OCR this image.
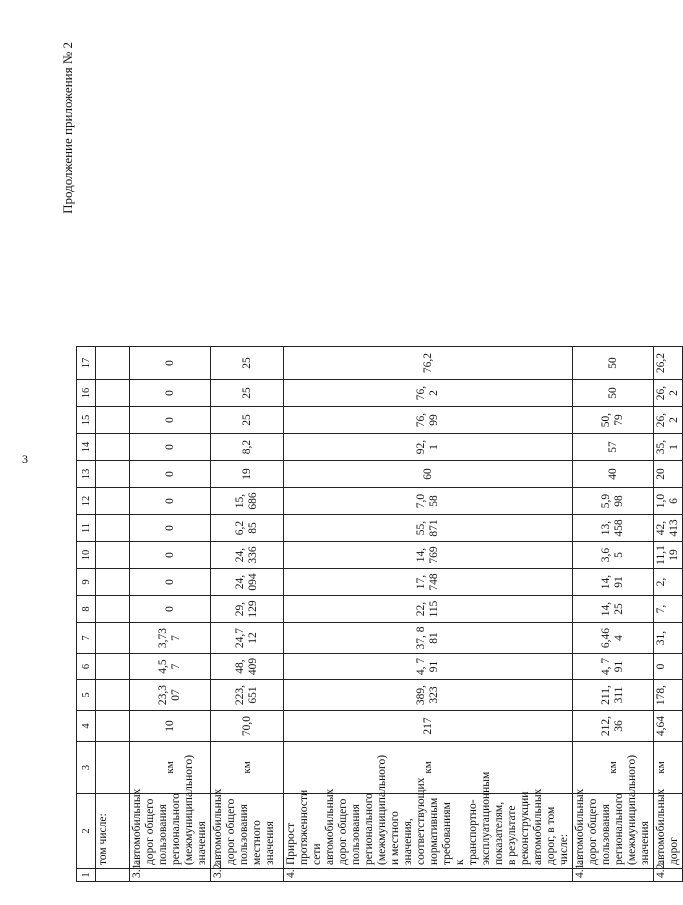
3
Продолжение приложения № 2
1	2	3	4	5	6	7	8	9	10	11	12	13	14	15	16	17
	том числе:															
3.1.	автомобильных дорог общего пользования регионального (межмуниципального) значения	км	10	23,307	4,57	3,737	0	0	0	0	0	0	0	0	0	0
3.2.	автомобильных дорог общего пользования местного значения	км	70,0	223, 651	48, 409	24,712	29, 129	24, 094	24,336	6,285	15,686	19	8,2	25	25	25
4.	Прирост протяженности сети автомобильных дорог общего пользования регионального (межмуниципального) и местного значения, соответствующих нормативным требованиям к транспортно-эксплуатационным показателям, в результате реконструкции автомобильных дорог, в том числе:	км	217	389, 323	4, 791	37, 881	22, 115	17, 748	14,769	55,871	7,058	60	92,1	76,99	76,2	76,2
4.1.	автомобильных дорог общего пользования регионального (межмуниципального) значения	км	212,36	211, 311	4, 791	6,464	14, 25	14, 91	3,65	13,458	5,998	40	57	50,79	50	50
4.2.	автомобильных дорог	км	4,64	178,	0	31,	7,	2,	11,119	42,413	1,06	20	35,1	26,2	26,2	26,2
